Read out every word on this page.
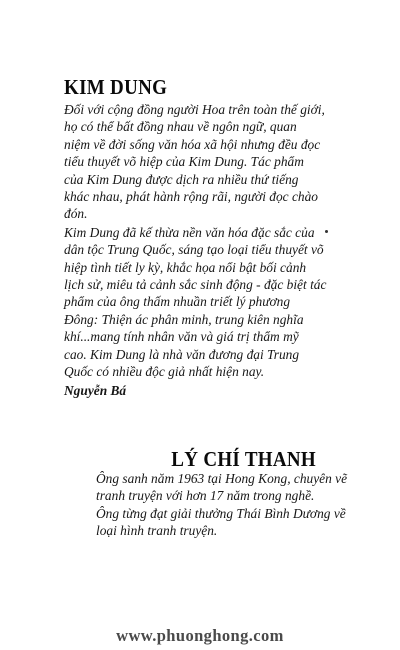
KIM DUNG
Đối với cộng đồng người Hoa trên toàn thế giới,
họ có thể bất đồng nhau về ngôn ngữ, quan
niệm về đời sống văn hóa xã hội nhưng đều đọc
tiểu thuyết võ hiệp của Kim Dung. Tác phẩm
của Kim Dung được dịch ra nhiều thứ tiếng
khác nhau, phát hành rộng rãi, người đọc chào
đón.
Kim Dung đã kế thừa nền văn hóa đặc sắc của
dân tộc Trung Quốc, sáng tạo loại tiểu thuyết võ
hiệp tình tiết ly kỳ, khắc họa nổi bật bối cảnh
lịch sử, miêu tả cảnh sắc sinh động - đặc biệt tác
phẩm của ông thấm nhuần triết lý phương
Đông: Thiện ác phân minh, trung kiên nghĩa
khí...mang tính nhân văn và giá trị thẩm mỹ
cao. Kim Dung là nhà văn đương đại Trung
Quốc có nhiều độc giả nhất hiện nay.
Nguyễn Bá
LÝ CHÍ THANH
Ông sanh năm 1963 tại Hong Kong, chuyên vẽ
tranh truyện với hơn 17 năm trong nghề.
Ông từng đạt giải thưởng Thái Bình Dương về
loại hình tranh truyện.

www.phuonghong.com
